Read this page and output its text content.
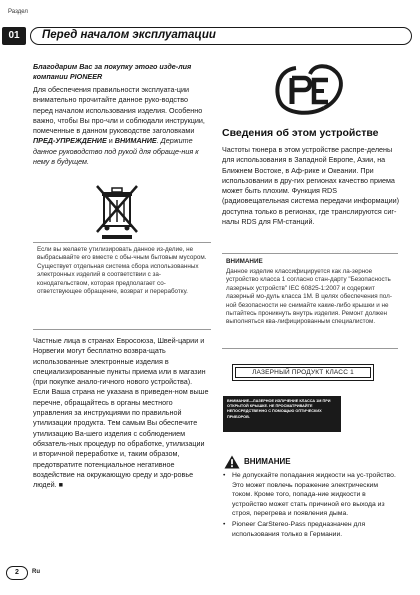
Раздел
01	Перед началом эксплуатации
Благодарим Вас за покупку этого изде-лия компании PIONEER
Для обеспечения правильности эксплуата-ции внимательно прочитайте данное руко-водство перед началом использования изделия. Особенно важно, чтобы Вы про-чли и соблюдали инструкции, помеченные в данном руководстве заголовками ПРЕД-УПРЕЖДЕНИЕ и ВНИМАНИЕ. Держите данное руководство под рукой для обраще-ния к нему в будущем.
Если вы желаете утилизировать данное из-делие, не выбрасывайте его вместе с обы-чным бытовым мусором. Существует отдельная система сбора использованных электронных изделий в соответствии с за-конодательством, которая предполагает со-ответствующее обращение, возврат и переработку.
Частные лица в странах Евросоюза, Швей-царии и Норвегии могут бесплатно возвра-щать использованные электронные изделия в специализированные пункты приема или в магазин (при покупке анало-гичного нового устройства). Если Ваша страна не указана в приведен-ном выше перечне, обращайтесь в органы местного управления за инструкциями по правильной утилизации продукта. Тем самым Вы обеспечите утилизацию Ва-шего изделия с соблюдением обязатель-ных процедур по обработке, утилизации и вторичной переработке и, таким образом, предотвратите потенциальное негативное воздействие на окружающую среду и здо-ровье людей. ■
Сведения об этом устройстве
Частоты тюнера в этом устройстве распре-делены для использования в Западной Европе, Азии, на Ближнем Востоке, в Аф-рике и Океании. При использовании в дру-гих регионах качество приема может быть плохим. Функция RDS (радиовещательная система передачи информации) доступна только в регионах, где транслируются сиг-налы RDS для FM-станций.
ВНИМАНИЕ
Данное изделие классифицируется как ла-зерное устройство класса 1 согласно стан-дарту "Безопасность лазерных устройств" IEC 60825-1:2007 и содержит лазерный мо-дуль класса 1M. В целях обеспечения пол-ной безопасности не снимайте какие-либо крышки и не пытайтесь проникнуть внутрь изделия. Ремонт должен выполняться ква-лифицированным специалистом.
ЛАЗЕРНЫЙ ПРОДУКТ КЛАСС 1
ВНИМАНИЕ—ЛАЗЕРНОЕ ИЗЛУЧЕНИЕ КЛАССА 1М ПРИ ОТКРЫТОЙ КРЫШКЕ. НЕ ПРОСМАТРИВАЙТЕ НЕПОСРЕДСТВЕННО С ПОМОЩЬЮ ОПТИЧЕСКИХ ПРИБОРОВ.
ВНИМАНИЕ
• Не допускайте попадания жидкости на ус-тройство. Это может повлечь поражение электрическим током. Кроме того, попада-ние жидкости в устройство может стать причиной его выхода из строя, перегрева и появления дыма.
• Pioneer CarStereo-Pass предназначен для использования только в Германии.
2	Ru
